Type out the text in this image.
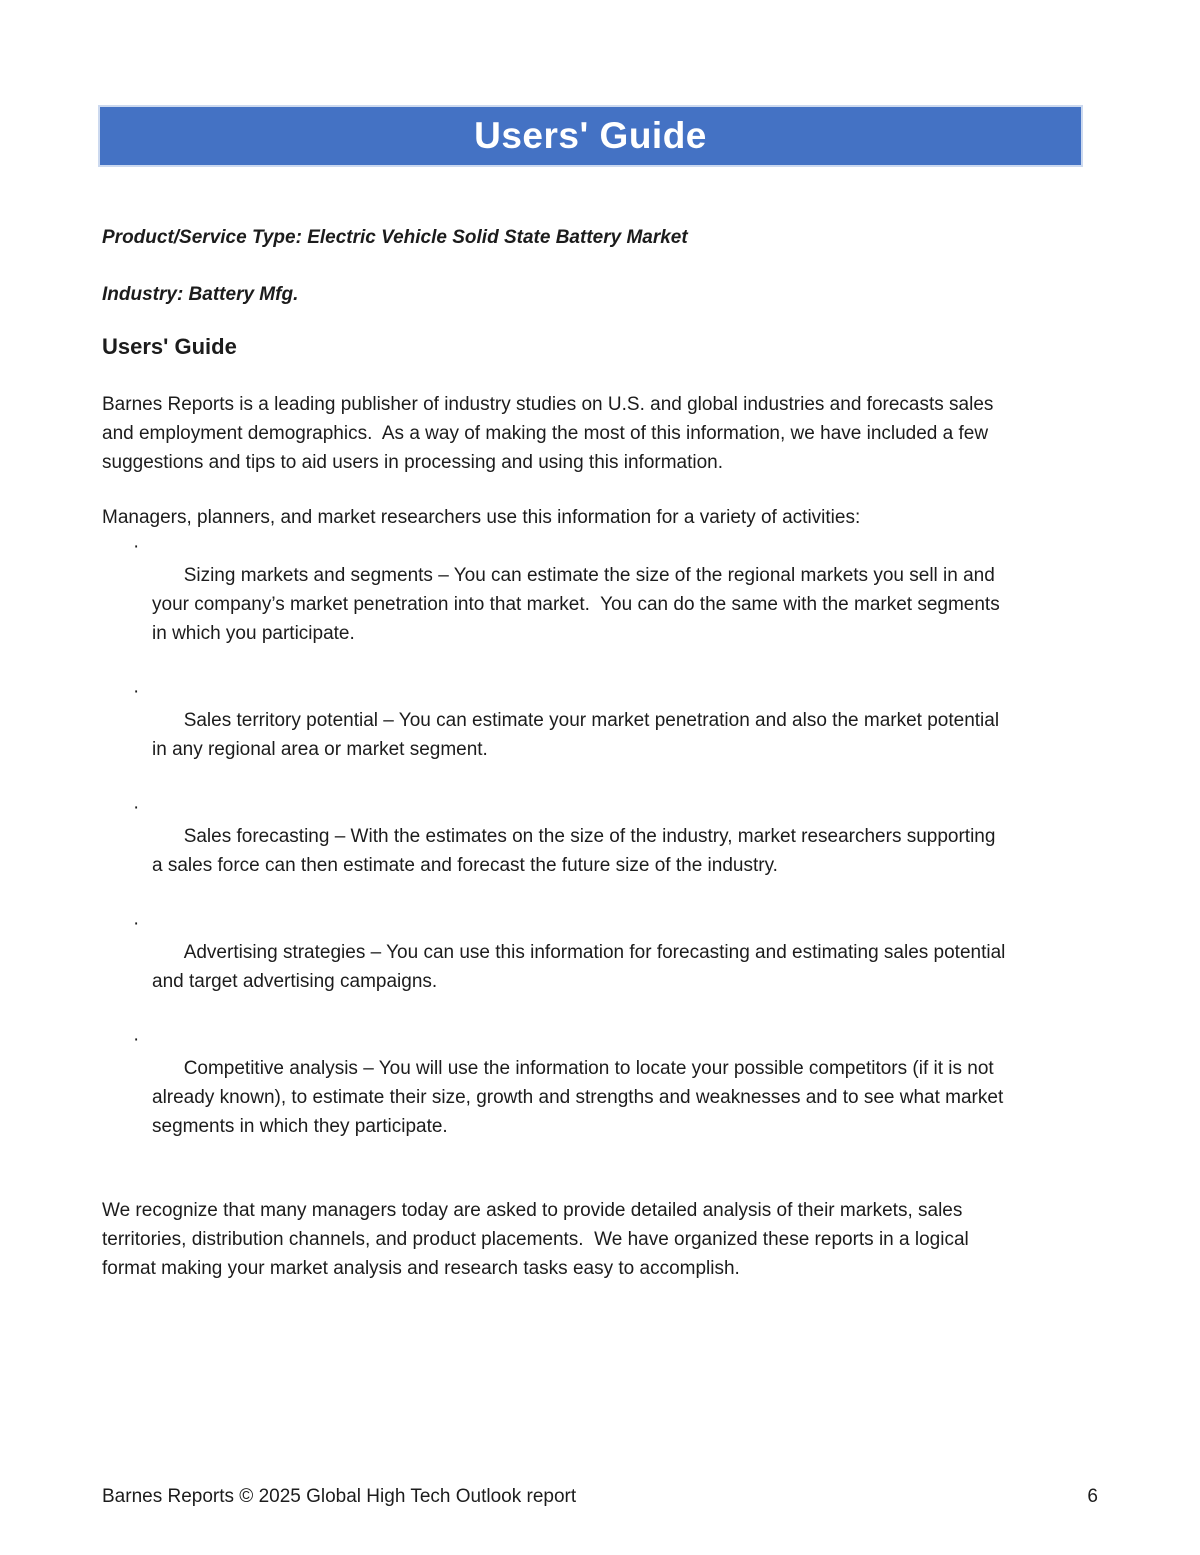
Users' Guide
Product/Service Type: Electric Vehicle Solid State Battery Market
Industry: Battery Mfg.
Users' Guide
Barnes Reports is a leading publisher of industry studies on U.S. and global industries and forecasts sales and employment demographics.  As a way of making the most of this information, we have included a few suggestions and tips to aid users in processing and using this information.
Managers, planners, and market researchers use this information for a variety of activities:

·
Sizing markets and segments – You can estimate the size of the regional markets you sell in and your company’s market penetration into that market.  You can do the same with the market segments in which you participate.

·
Sales territory potential – You can estimate your market penetration and also the market potential in any regional area or market segment.

·
Sales forecasting – With the estimates on the size of the industry, market researchers supporting a sales force can then estimate and forecast the future size of the industry.

·
Advertising strategies – You can use this information for forecasting and estimating sales potential and target advertising campaigns.

·
Competitive analysis – You will use the information to locate your possible competitors (if it is not already known), to estimate their size, growth and strengths and weaknesses and to see what market segments in which they participate.

We recognize that many managers today are asked to provide detailed analysis of their markets, sales territories, distribution channels, and product placements.  We have organized these reports in a logical format making your market analysis and research tasks easy to accomplish.
Barnes Reports © 2025 Global High Tech Outlook report	6
